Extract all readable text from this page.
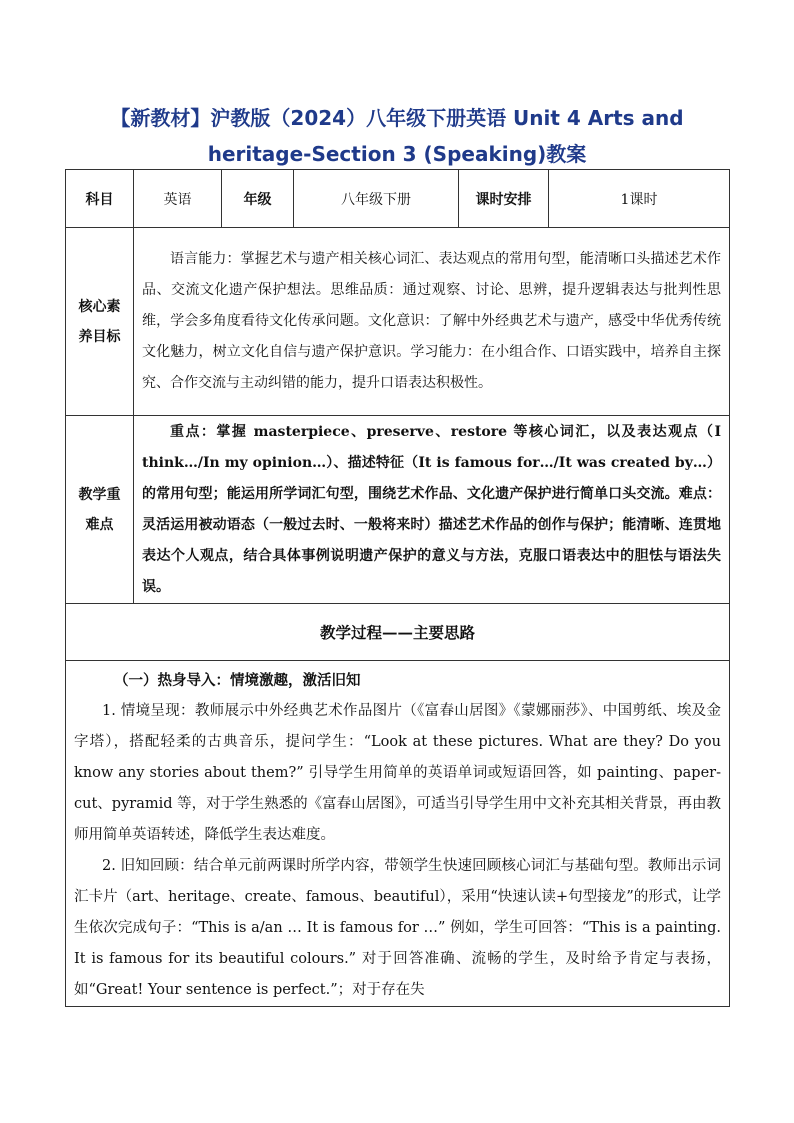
【新教材】沪教版（2024）八年级下册英语 Unit 4 Arts and heritage-Section 3 (Speaking)教案
科目	英语	年级	八年级下册	课时安排	1课时
核心素养目标	语言能力：掌握艺术与遗产相关核心词汇、表达观点的常用句型，能清晰口头描述艺术作品、交流文化遗产保护想法。思维品质：通过观察、讨论、思辨，提升逻辑表达与批判性思维，学会多角度看待文化传承问题。文化意识：了解中外经典艺术与遗产，感受中华优秀传统文化魅力，树立文化自信与遗产保护意识。学习能力：在小组合作、口语实践中，培养自主探究、合作交流与主动纠错的能力，提升口语表达积极性。				
教学重难点	重点：掌握 masterpiece、preserve、restore 等核心词汇，以及表达观点（I think…/In my opinion…）、描述特征（It is famous for…/It was created by…）的常用句型；能运用所学词汇句型，围绕艺术作品、文化遗产保护进行简单口头交流。难点：灵活运用被动语态（一般过去时、一般将来时）描述艺术作品的创作与保护；能清晰、连贯地表达个人观点，结合具体事例说明遗产保护的意义与方法，克服口语表达中的胆怯与语法失误。				
教学过程——主要思路					

（一）热身导入：情境激趣，激活旧知

1. 情境呈现：教师展示中外经典艺术作品图片（《富春山居图》《蒙娜丽莎》、中国剪纸、埃及金字塔），搭配轻柔的古典音乐，提问学生：“Look at these pictures. What are they? Do you know any stories about them?” 引导学生用简单的英语单词或短语回答，如 painting、paper-cut、pyramid 等，对于学生熟悉的《富春山居图》，可适当引导学生用中文补充其相关背景，再由教师用简单英语转述，降低学生表达难度。

2. 旧知回顾：结合单元前两课时所学内容，带领学生快速回顾核心词汇与基础句型。教师出示词汇卡片（art、heritage、create、famous、beautiful），采用“快速认读+句型接龙”的形式，让学生依次完成句子：“This is a/an … It is famous for …” 例如，学生可回答：“This is a painting. It is famous for its beautiful colours.” 对于回答准确、流畅的学生，及时给予肯定与表扬，如“Great! Your sentence is perfect.”；对于存在失					
